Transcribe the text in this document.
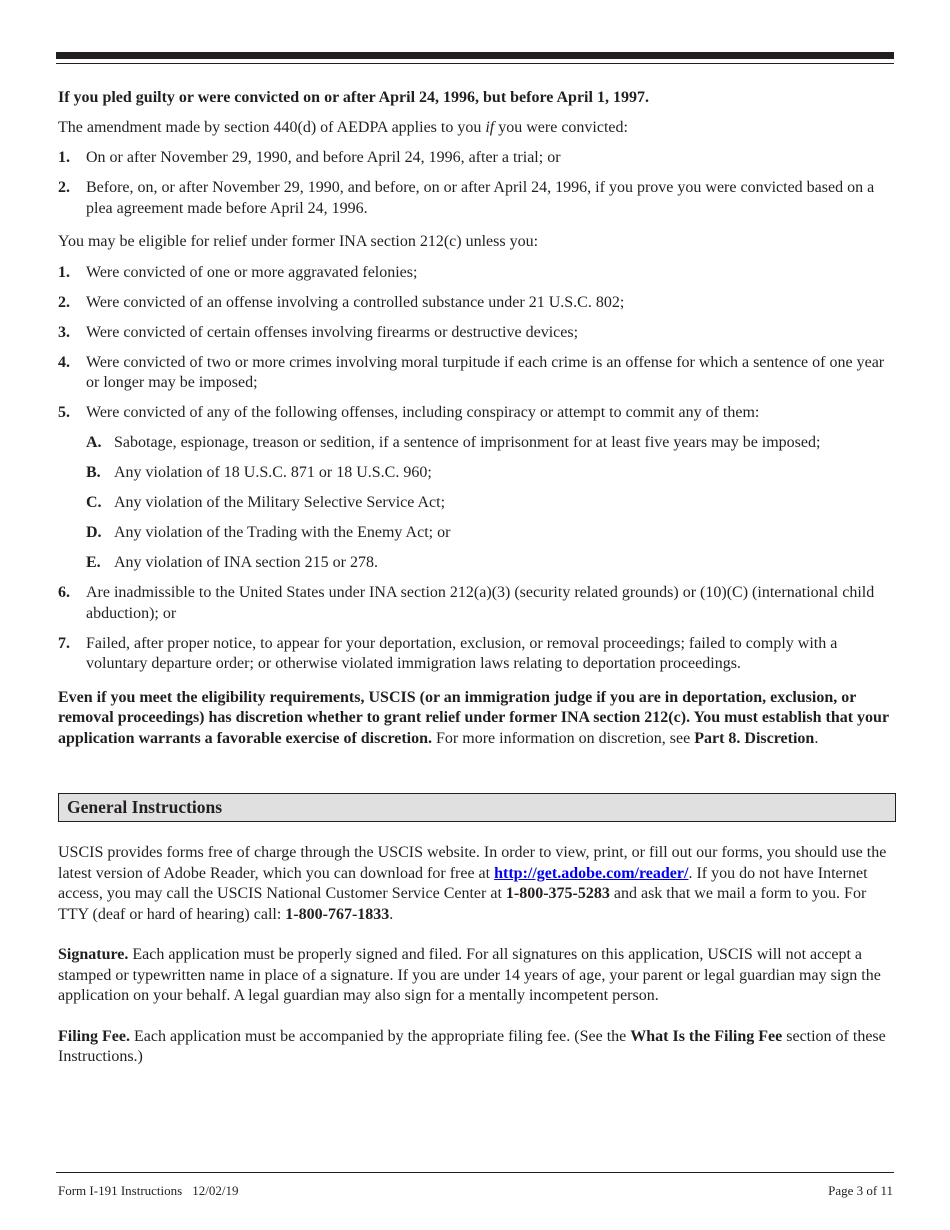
If you pled guilty or were convicted on or after April 24, 1996, but before April 1, 1997.

The amendment made by section 440(d) of AEDPA applies to you if you were convicted:

1.	On or after November 29, 1990, and before April 24, 1996, after a trial; or
2.	Before, on, or after November 29, 1990, and before, on or after April 24, 1996, if you prove you were convicted based on a plea agreement made before April 24, 1996.

You may be eligible for relief under former INA section 212(c) unless you:

1.	Were convicted of one or more aggravated felonies;
2.	Were convicted of an offense involving a controlled substance under 21 U.S.C. 802;
3.	Were convicted of certain offenses involving firearms or destructive devices;
4.	Were convicted of two or more crimes involving moral turpitude if each crime is an offense for which a sentence of one year or longer may be imposed;
5.	Were convicted of any of the following offenses, including conspiracy or attempt to commit any of them:
A. Sabotage, espionage, treason or sedition, if a sentence of imprisonment for at least five years may be imposed;
B. Any violation of 18 U.S.C. 871 or 18 U.S.C. 960;
C. Any violation of the Military Selective Service Act;
D. Any violation of the Trading with the Enemy Act; or
E. Any violation of INA section 215 or 278.
6.	Are inadmissible to the United States under INA section 212(a)(3) (security related grounds) or (10)(C) (international child abduction); or
7.	Failed, after proper notice, to appear for your deportation, exclusion, or removal proceedings; failed to comply with a voluntary departure order; or otherwise violated immigration laws relating to deportation proceedings.

Even if you meet the eligibility requirements, USCIS (or an immigration judge if you are in deportation, exclusion, or removal proceedings) has discretion whether to grant relief under former INA section 212(c). You must establish that your application warrants a favorable exercise of discretion. For more information on discretion, see Part 8. Discretion.

General Instructions

USCIS provides forms free of charge through the USCIS website. In order to view, print, or fill out our forms, you should use the latest version of Adobe Reader, which you can download for free at http://get.adobe.com/reader/. If you do not have Internet access, you may call the USCIS National Customer Service Center at 1-800-375-5283 and ask that we mail a form to you. For TTY (deaf or hard of hearing) call: 1-800-767-1833.

Signature. Each application must be properly signed and filed. For all signatures on this application, USCIS will not accept a stamped or typewritten name in place of a signature. If you are under 14 years of age, your parent or legal guardian may sign the application on your behalf. A legal guardian may also sign for a mentally incompetent person.

Filing Fee. Each application must be accompanied by the appropriate filing fee. (See the What Is the Filing Fee section of these Instructions.)

Form I-191 Instructions 12/02/19	Page 3 of 11
